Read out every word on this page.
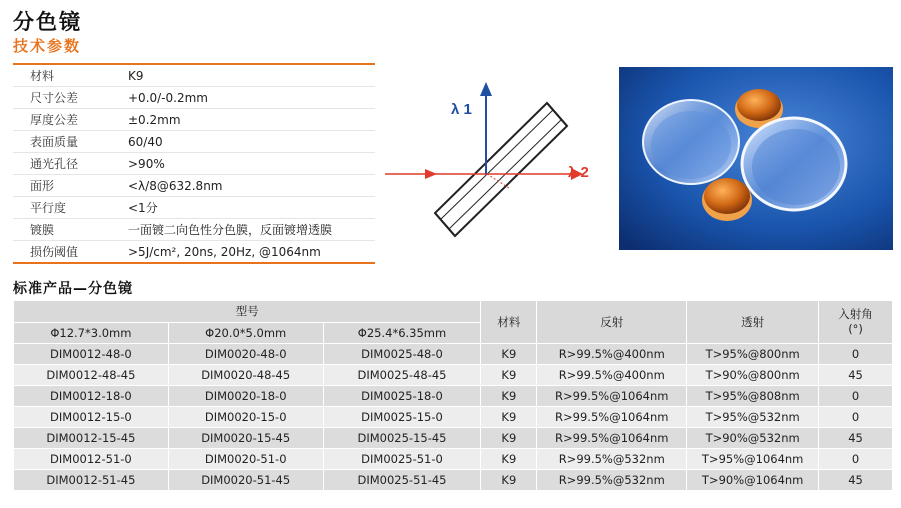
分色镜
技术参数
材料	K9
尺寸公差	+0.0/-0.2mm
厚度公差	±0.2mm
表面质量	60/40
通光孔径	>90%
面形	<λ/8@632.8nm
平行度	<1分
镀膜	一面镀二向色性分色膜，反面镀增透膜
损伤阈值	>5J/cm², 20ns, 20Hz, @1064nm
λ 1
λ 2
标准产品—分色镜
型号			材料	反射	透射	入射角
(°)

Φ12.7*3.0mm	Φ20.0*5.0mm	Φ25.4*6.35mm				
DIM0012-48-0	DIM0020-48-0	DIM0025-48-0	K9	R>99.5%@400nm	T>95%@800nm	0
DIM0012-48-45	DIM0020-48-45	DIM0025-48-45	K9	R>99.5%@400nm	T>90%@800nm	45
DIM0012-18-0	DIM0020-18-0	DIM0025-18-0	K9	R>99.5%@1064nm	T>95%@808nm	0
DIM0012-15-0	DIM0020-15-0	DIM0025-15-0	K9	R>99.5%@1064nm	T>95%@532nm	0
DIM0012-15-45	DIM0020-15-45	DIM0025-15-45	K9	R>99.5%@1064nm	T>90%@532nm	45
DIM0012-51-0	DIM0020-51-0	DIM0025-51-0	K9	R>99.5%@532nm	T>95%@1064nm	0
DIM0012-51-45	DIM0020-51-45	DIM0025-51-45	K9	R>99.5%@532nm	T>90%@1064nm	45
